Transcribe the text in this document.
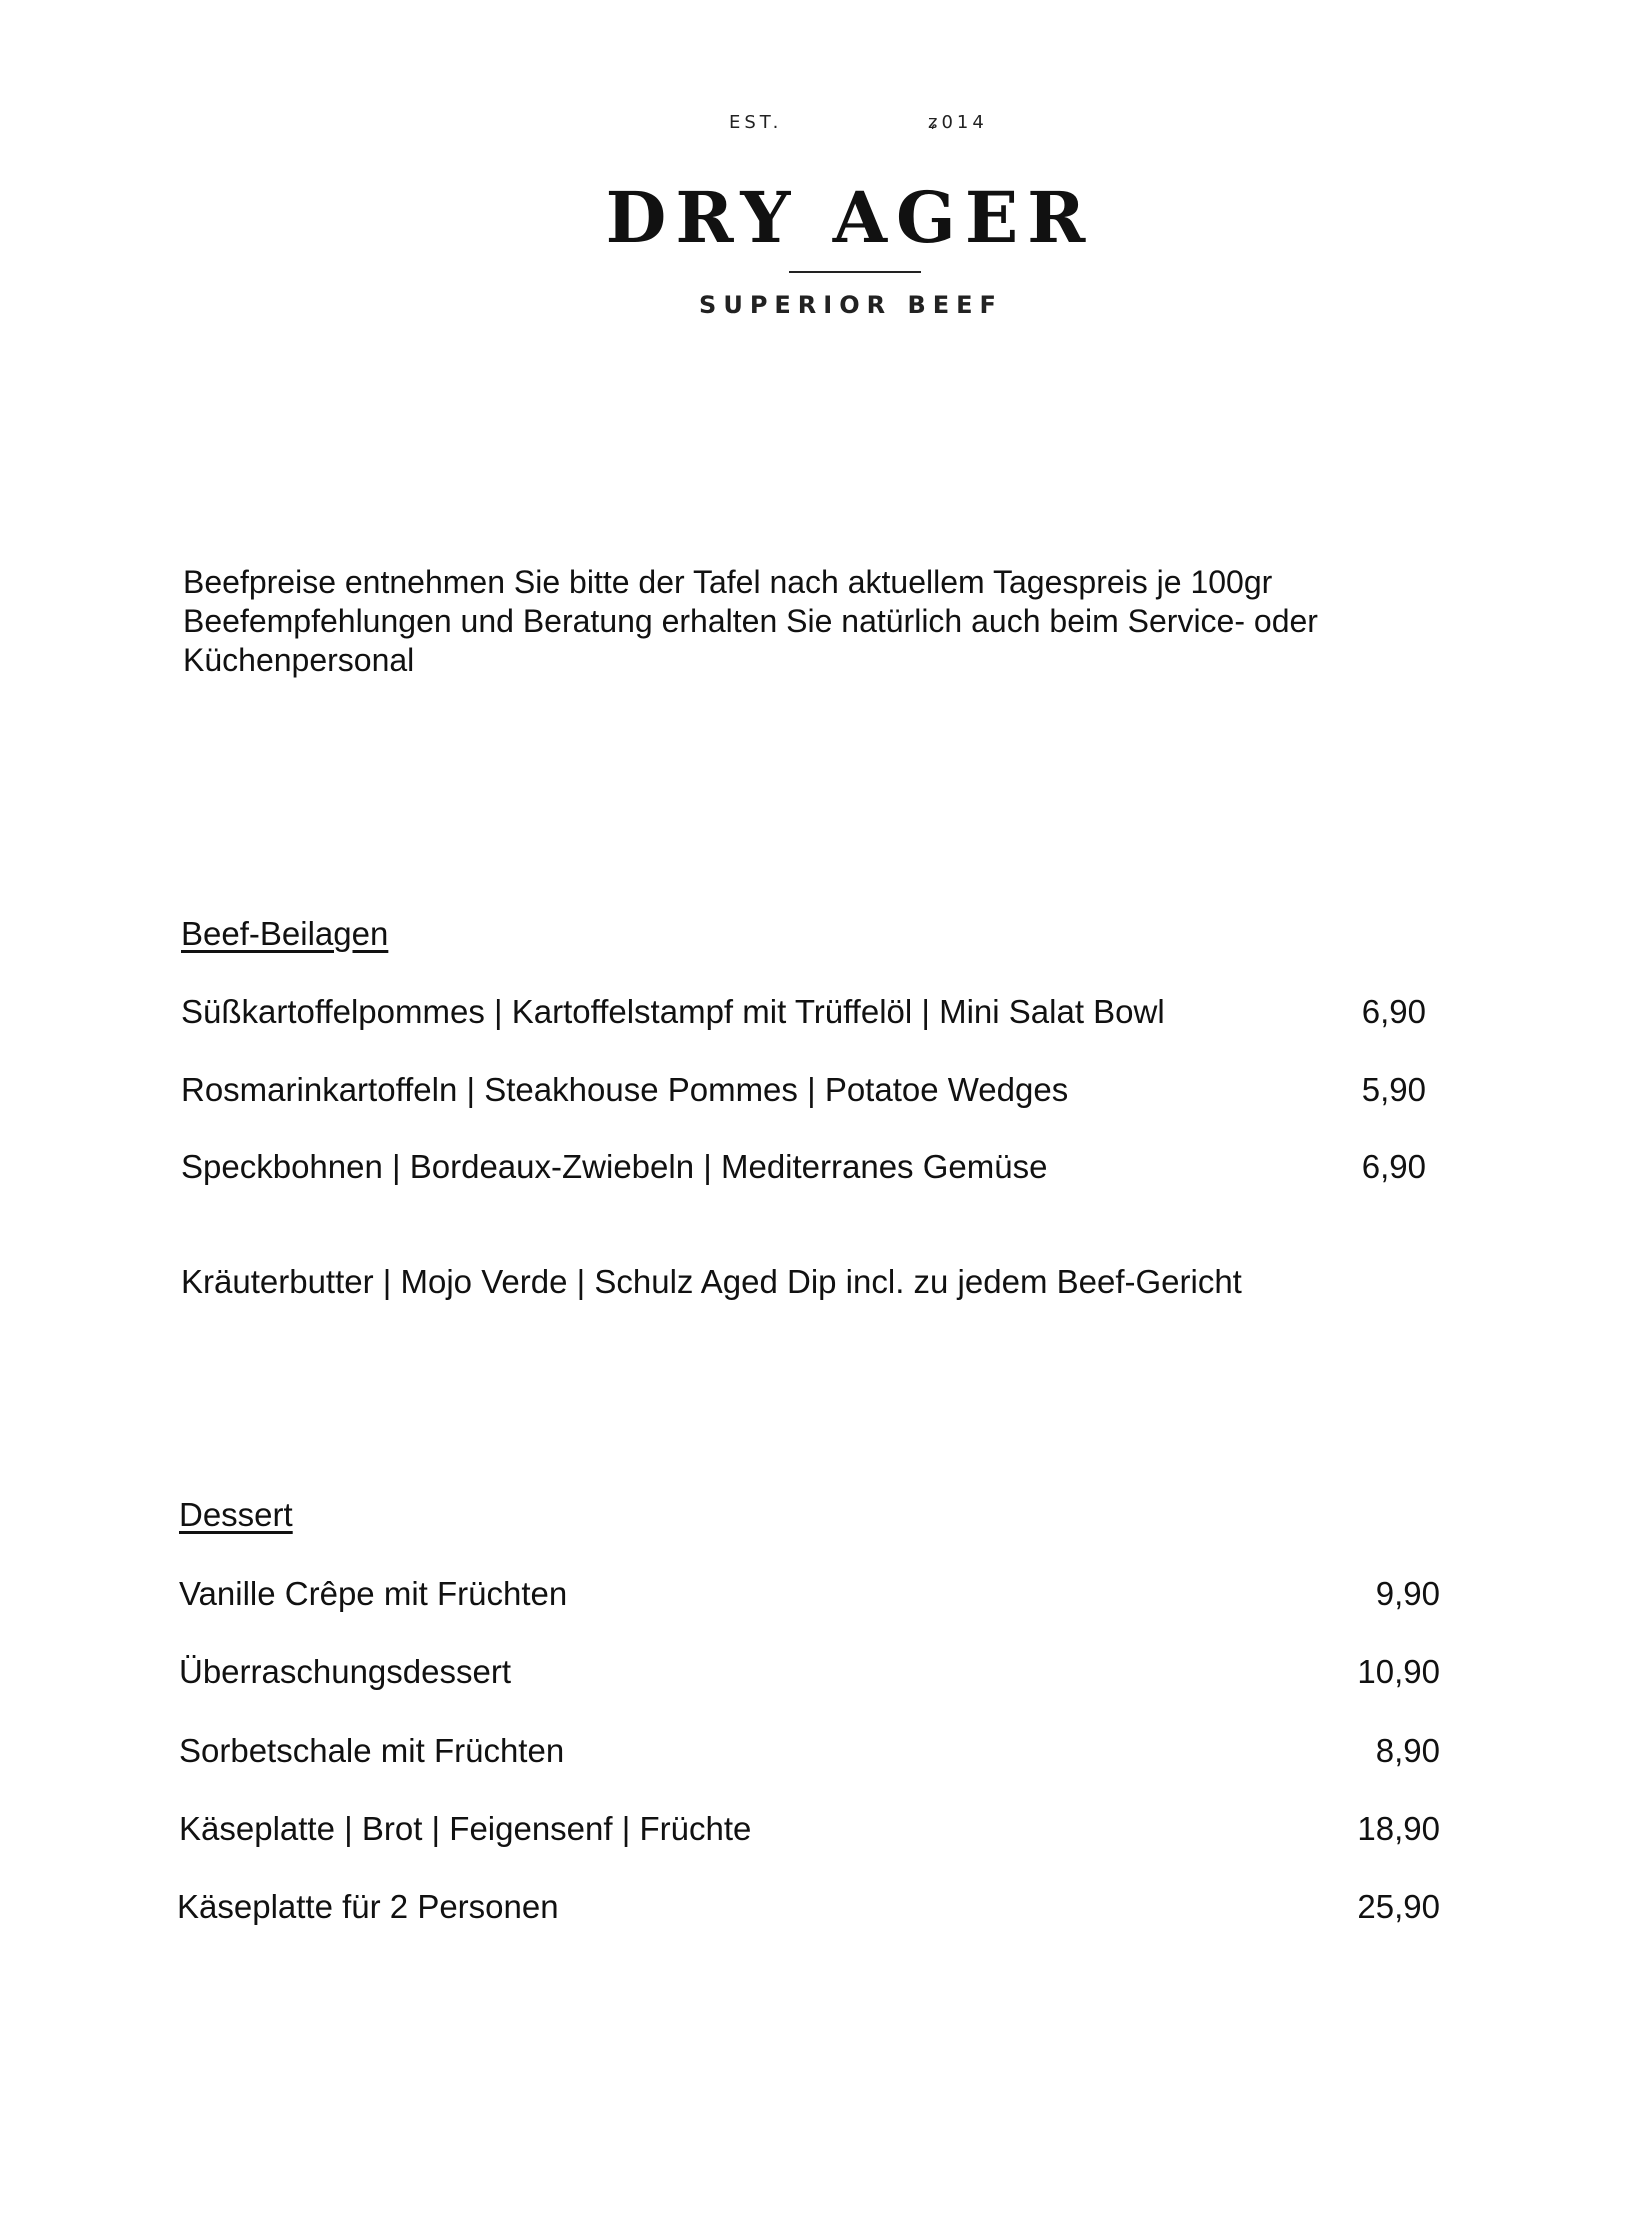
EST.	ʑ014
DRY AGER
SUPERIOR BEEF
Beefpreise entnehmen Sie bitte der Tafel nach aktuellem Tagespreis je 100gr
Beefempfehlungen und Beratung erhalten Sie natürlich auch beim Service- oder
Küchenpersonal
Beef-Beilagen
Süßkartoffelpommes | Kartoffelstampf mit Trüffelöl | Mini Salat Bowl	6,90
Rosmarinkartoffeln | Steakhouse Pommes | Potatoe Wedges	5,90
Speckbohnen | Bordeaux-Zwiebeln | Mediterranes Gemüse	6,90
Kräuterbutter | Mojo Verde | Schulz Aged Dip incl. zu jedem Beef-Gericht
Dessert
Vanille Crêpe mit Früchten	9,90
Überraschungsdessert	10,90
Sorbetschale mit Früchten	8,90
Käseplatte | Brot | Feigensenf | Früchte	18,90
Käseplatte für 2 Personen	25,90
